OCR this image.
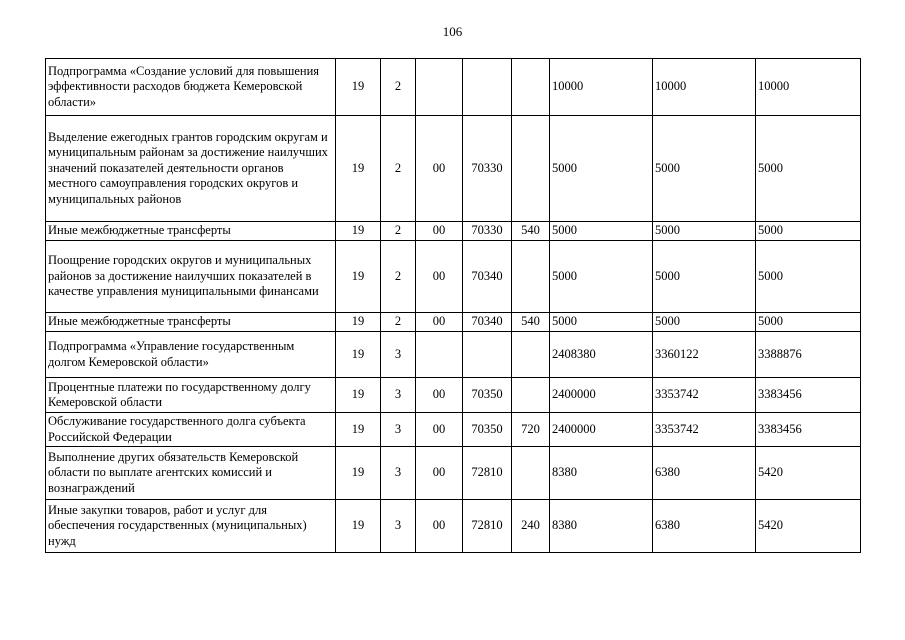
106
Подпрограмма «Создание условий для повышения эффективности расходов бюджета Кемеровской области»	19	2				10000	10000	10000
Выделение ежегодных грантов городским округам и муниципальным районам за достижение наилучших значений показателей деятельности органов местного самоуправления городских округов и муниципальных районов	19	2	00	70330		5000	5000	5000
Иные межбюджетные трансферты	19	2	00	70330	540	5000	5000	5000
Поощрение городских округов и муниципальных районов за достижение наилучших показателей в качестве управления муниципальными финансами	19	2	00	70340		5000	5000	5000
Иные межбюджетные трансферты	19	2	00	70340	540	5000	5000	5000
Подпрограмма «Управление государственным долгом Кемеровской области»	19	3				2408380	3360122	3388876
Процентные платежи по государственному долгу Кемеровской области	19	3	00	70350		2400000	3353742	3383456
Обслуживание государственного долга субъекта Российской Федерации	19	3	00	70350	720	2400000	3353742	3383456
Выполнение других обязательств Кемеровской области по выплате агентских комиссий и вознаграждений	19	3	00	72810		8380	6380	5420
Иные закупки товаров, работ и услуг для обеспечения государственных (муниципальных) нужд	19	3	00	72810	240	8380	6380	5420
